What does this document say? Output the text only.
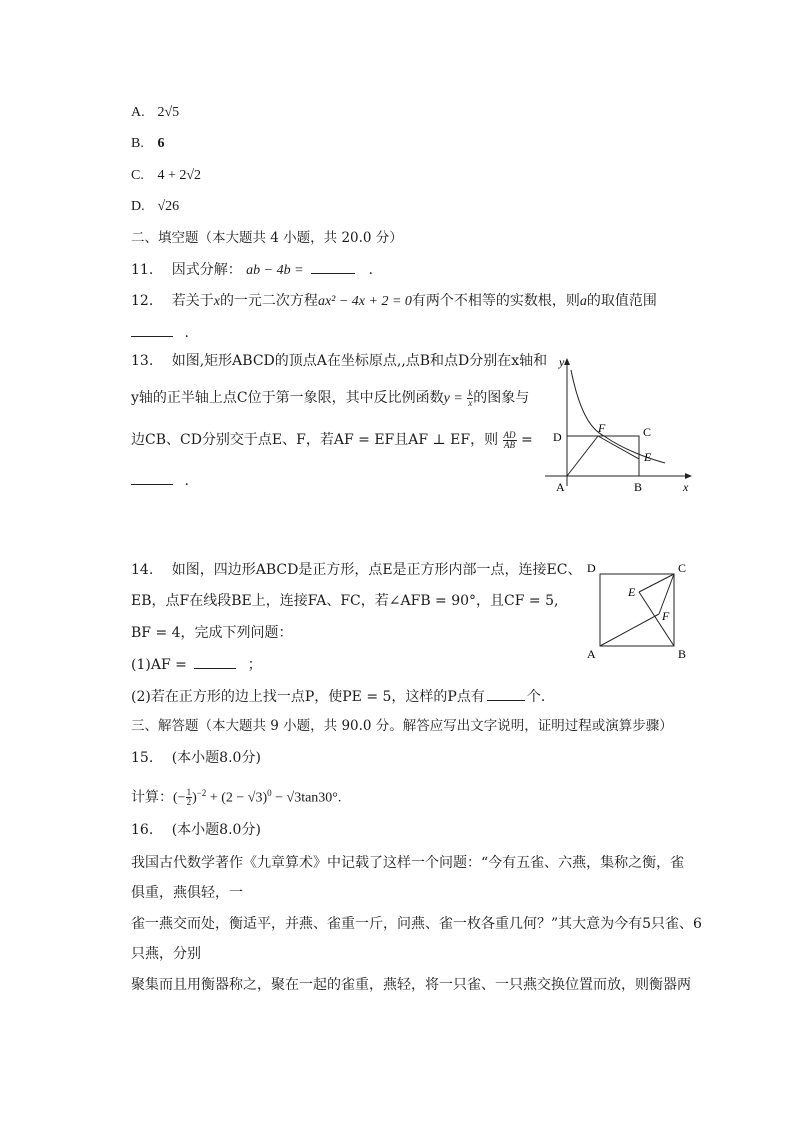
A. 2√5
B. 6
C. 4 + 2√2
D. √26
二、填空题（本大题共 4 小题，共 20.0 分）
11. 因式分解： ab − 4b =	.
12. 若关于x的一元二次方程ax² − 4x + 2 = 0有两个不相等的实数根，则a的取值范围
.
13. 如图,矩形ABCD的顶点A在坐标原点,,点B和点D分别在x轴和
y轴的正半轴上点C位于第一象限，其中反比例函数$y = \frac{k}{x}$ 的图象与
边CB、CD分别交于点E、F，若AF = EF且AF ⊥ EF，则 $\frac{AD}{AB}$ =
.
y
x
D
F	C
E
A	B
14. 如图，四边形ABCD是正方形，点E是正方形内部一点，连接EC、
EB，点F在线段BE上，连接FA、FC，若∠AFB = 90°，且CF = 5,
BF = 4，完成下列问题：
(1)AF =	；
(2)若在正方形的边上找一点P，使PE = 5，这样的P点有	个.
D	C
E
F
A	B
三、解答题（本大题共 9 小题，共 90.0 分。解答应写出文字说明，证明过程或演算步骤）
15. (本小题8.0分)
计算：(− $\frac{1}{2} )^{-2} + (2 - √3)^0 - √3\tan 30^\circ$.
16. (本小题8.0分)
我国古代数学著作《九章算术》中记载了这样一个问题：“今有五雀、六燕，集称之衡，雀
俱重，燕俱轻，一
雀一燕交而处，衡适平，并燕、雀重一斤，问燕、雀一枚各重几何？”其大意为今有5只雀、6
只燕，分别
聚集而且用衡器称之，聚在一起的雀重，燕轻，将一只雀、一只燕交换位置而放，则衡器两
